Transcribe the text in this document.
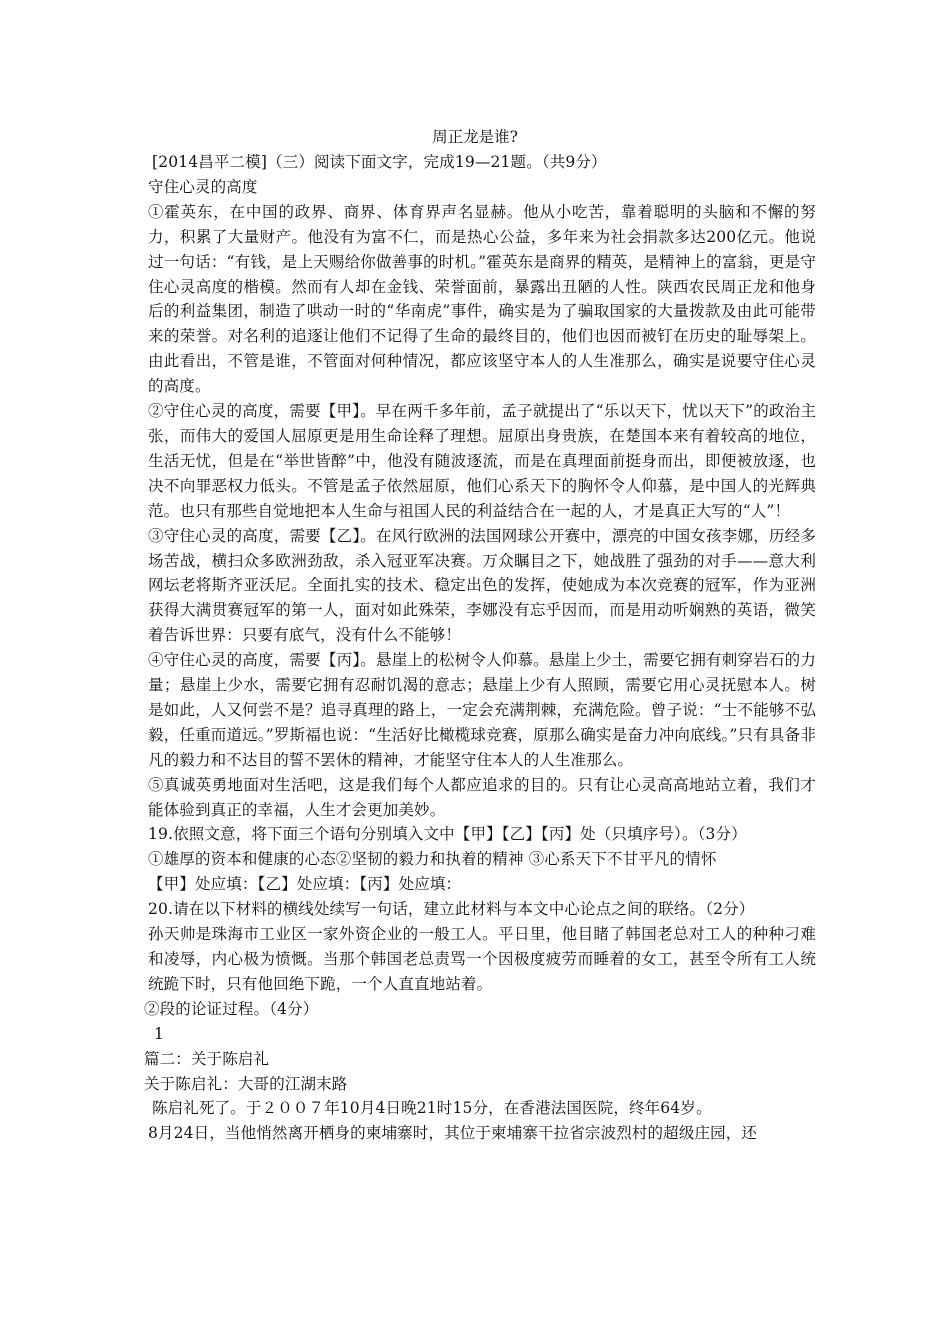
周正龙是谁?

[2014昌平二模]（三）阅读下面文字，完成19—21题。（共9分）

守住心灵的高度

①霍英东，在中国的政界、商界、体育界声名显赫。他从小吃苦，靠着聪明的头脑和不懈的努力，积累了大量财产。他没有为富不仁，而是热心公益，多年来为社会捐款多达200亿元。他说过一句话：“有钱，是上天赐给你做善事的时机。”霍英东是商界的精英，是精神上的富翁，更是守住心灵高度的楷模。然而有人却在金钱、荣誉面前，暴露出丑陋的人性。陕西农民周正龙和他身后的利益集团，制造了哄动一时的“华南虎”事件，确实是为了骗取国家的大量拨款及由此可能带来的荣誉。对名利的追逐让他们不记得了生命的最终目的，他们也因而被钉在历史的耻辱架上。由此看出，不管是谁，不管面对何种情况，都应该坚守本人的人生准那么，确实是说要守住心灵的高度。

②守住心灵的高度，需要【甲】。早在两千多年前，孟子就提出了“乐以天下，忧以天下”的政治主张，而伟大的爱国人屈原更是用生命诠释了理想。屈原出身贵族，在楚国本来有着较高的地位，生活无忧，但是在“举世皆醉”中，他没有随波逐流，而是在真理面前挺身而出，即便被放逐，也决不向罪恶权力低头。不管是孟子依然屈原，他们心系天下的胸怀令人仰慕，是中国人的光辉典范。也只有那些自觉地把本人生命与祖国人民的利益结合在一起的人，才是真正大写的“人”！

③守住心灵的高度，需要【乙】。在风行欧洲的法国网球公开赛中，漂亮的中国女孩李娜，历经多场苦战，横扫众多欧洲劲敌，杀入冠亚军决赛。万众瞩目之下，她战胜了强劲的对手——意大利网坛老将斯齐亚沃尼。全面扎实的技术、稳定出色的发挥，使她成为本次竞赛的冠军，作为亚洲获得大满贯赛冠军的第一人，面对如此殊荣，李娜没有忘乎因而，而是用动听娴熟的英语，微笑着告诉世界：只要有底气，没有什么不能够！

④守住心灵的高度，需要【丙】。悬崖上的松树令人仰慕。悬崖上少土，需要它拥有刺穿岩石的力量；悬崖上少水，需要它拥有忍耐饥渴的意志；悬崖上少有人照顾，需要它用心灵抚慰本人。树是如此，人又何尝不是？追寻真理的路上，一定会充满荆棘，充满危险。曾子说：“士不能够不弘毅，任重而道远。”罗斯福也说：“生活好比橄榄球竞赛，原那么确实是奋力冲向底线。”只有具备非凡的毅力和不达目的誓不罢休的精神，才能坚守住本人的人生准那么。

⑤真诚英勇地面对生活吧，这是我们每个人都应追求的目的。只有让心灵高高地站立着，我们才能体验到真正的幸福，人生才会更加美妙。

19.依照文意，将下面三个语句分别填入文中【甲】【乙】【丙】处（只填序号）。（3分）

①雄厚的资本和健康的心态②坚韧的毅力和执着的精神 ③心系天下不甘平凡的情怀

【甲】处应填：【乙】处应填：【丙】处应填：

20.请在以下材料的横线处续写一句话，建立此材料与本文中心论点之间的联络。（2分）

孙天帅是珠海市工业区一家外资企业的一般工人。平日里，他目睹了韩国老总对工人的种种刁难和凌辱，内心极为愤慨。当那个韩国老总责骂一个因极度疲劳而睡着的女工，甚至令所有工人统统跪下时，只有他回绝下跪，一个人直直地站着。

②段的论证过程。（4分）

1

篇二：关于陈启礼

关于陈启礼：大哥的江湖末路

陈启礼死了。于２００７年10月4日晚21时15分，在香港法国医院，终年64岁。

8月24日，当他悄然离开栖身的柬埔寨时，其位于柬埔寨干拉省宗波烈村的超级庄园，还
